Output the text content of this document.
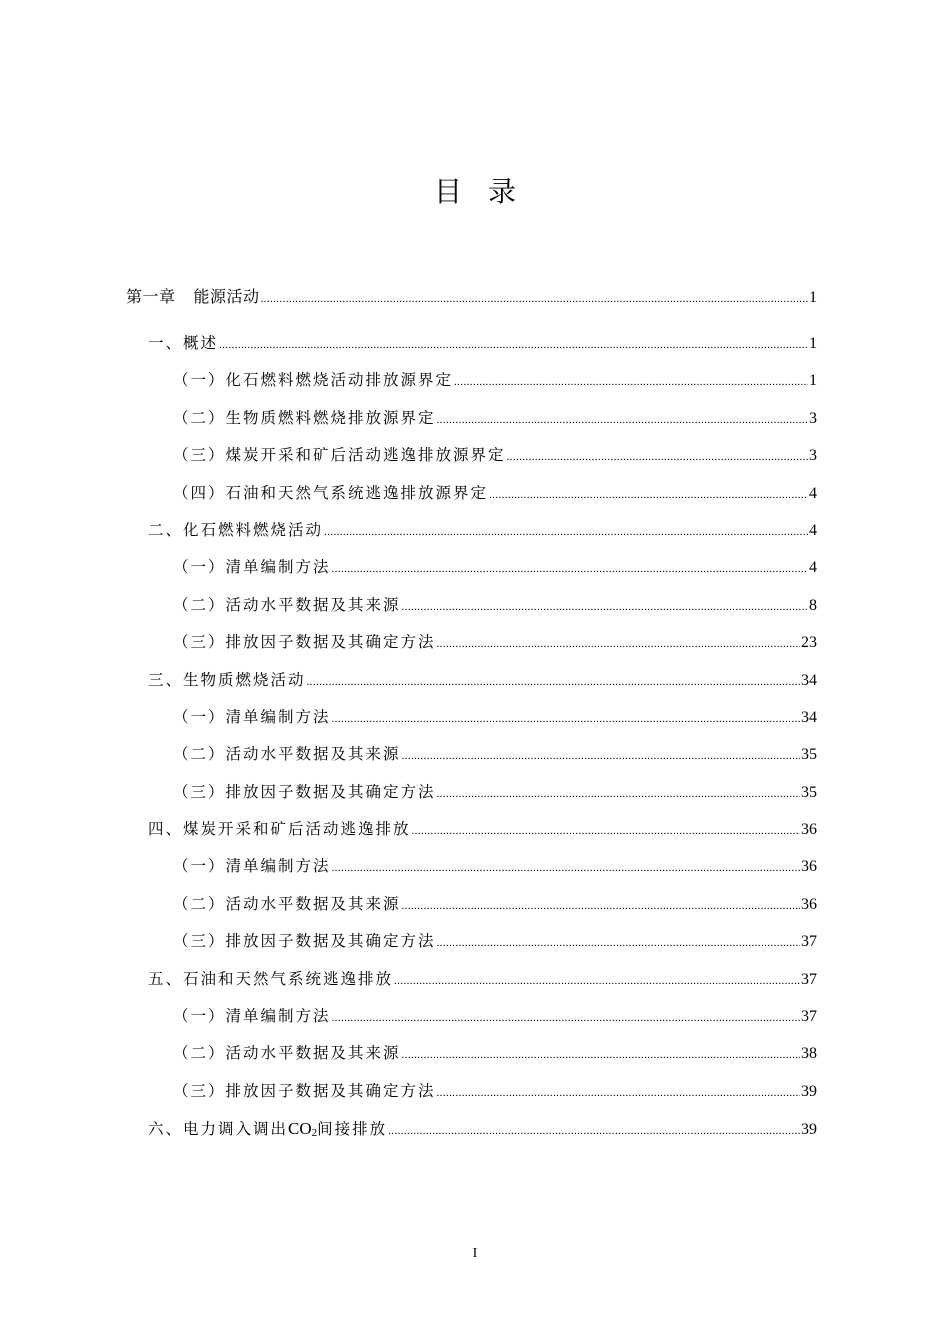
目录
第一章 能源活动 .....	1
一、概述 .....	1
（一）化石燃料燃烧活动排放源界定 .....	1
（二）生物质燃料燃烧排放源界定 .....	3
（三）煤炭开采和矿后活动逃逸排放源界定 .....	3
（四）石油和天然气系统逃逸排放源界定 .....	4
二、化石燃料燃烧活动 .....	4
（一）清单编制方法 .....	4
（二）活动水平数据及其来源 .....	8
（三）排放因子数据及其确定方法 .....	23
三、生物质燃烧活动 .....	34
（一）清单编制方法 .....	34
（二）活动水平数据及其来源 .....	35
（三）排放因子数据及其确定方法 .....	35
四、煤炭开采和矿后活动逃逸排放 .....	36
（一）清单编制方法 .....	36
（二）活动水平数据及其来源 .....	36
（三）排放因子数据及其确定方法 .....	37
五、石油和天然气系统逃逸排放 .....	37
（一）清单编制方法 .....	37
（二）活动水平数据及其来源 .....	38
（三）排放因子数据及其确定方法 .....	39
六、电力调入调出$CO_2$间接排放 .....	39
I
